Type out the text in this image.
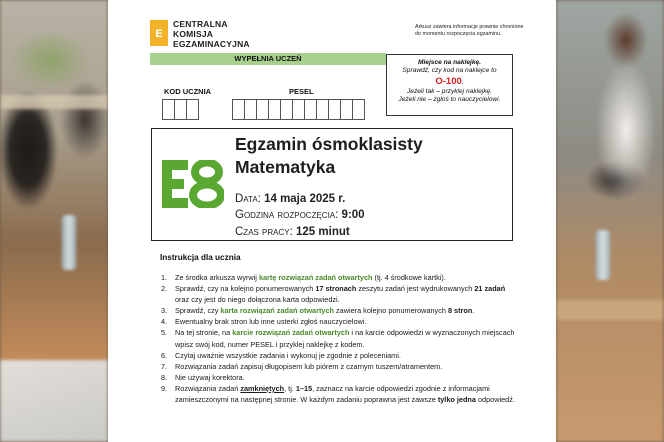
E
CENTRALNA
KOMISJA
EGZAMINACYJNA
Arkusz zawiera informacje prawnie chronione do momentu rozpoczęcia egzaminu.
WYPEŁNIA UCZEŃ
KOD UCZNIA	PESEL
Miejsce na naklejkę.
Sprawdź, czy kod na naklejce to
O-100.
Jeżeli tak – przyklej naklejkę.
Jeżeli nie – zgłoś to nauczycielowi.
Egzamin ósmoklasisty
Matematyka
Data: 14 maja 2025 r.
Godzina rozpoczęcia: 9:00
Czas pracy: 125 minut
Instrukcja dla ucznia
1. Ze środka arkusza wyrwij kartę rozwiązań zadań otwartych (tj. 4 środkowe kartki).
2. Sprawdź, czy na kolejno ponumerowanych 17 stronach zeszytu zadań jest wydrukowanych 21 zadań oraz czy jest do niego dołączona karta odpowiedzi.
3. Sprawdź, czy karta rozwiązań zadań otwartych zawiera kolejno ponumerowanych 8 stron.
4. Ewentualny brak stron lub inne usterki zgłoś nauczycielowi.
5. Na tej stronie, na karcie rozwiązań zadań otwartych i na karcie odpowiedzi w wyznaczonych miejscach wpisz swój kod, numer PESEL i przyklej naklejkę z kodem.
6. Czytaj uważnie wszystkie zadania i wykonuj je zgodnie z poleceniami.
7. Rozwiązania zadań zapisuj długopisem lub piórem z czarnym tuszem/atramentem.
8. Nie używaj korektora.
9. Rozwiązania zadań zamkniętych, tj. 1–15, zaznacz na karcie odpowiedzi zgodnie z informacjami zamieszczonymi na następnej stronie. W każdym zadaniu poprawna jest zawsze tylko jedna odpowiedź.
